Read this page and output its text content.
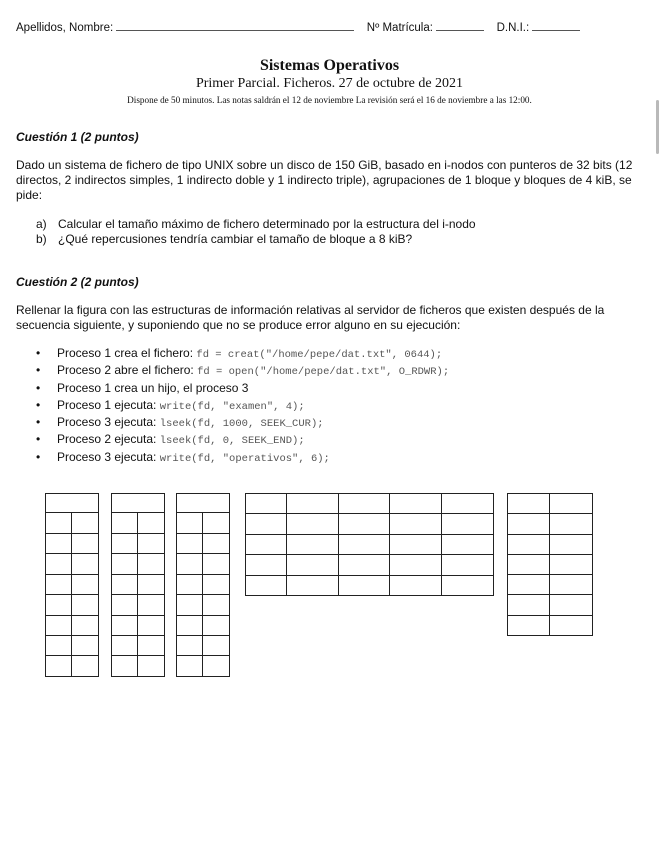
Apellidos, Nombre:	Nº Matrícula:	D.N.I.:
Sistemas Operativos
Primer Parcial. Ficheros. 27 de octubre de 2021
Dispone de 50 minutos. Las notas saldrán el 12 de noviembre La revisión será el 16 de noviembre a las 12:00.
Cuestión 1 (2 puntos)
Dado un sistema de fichero de tipo UNIX sobre un disco de 150 GiB, basado en i-nodos con punteros de 32 bits (12 directos, 2 indirectos simples, 1 indirecto doble y 1 indirecto triple), agrupaciones de 1 bloque y bloques de 4 kiB, se pide:
a) Calcular el tamaño máximo de fichero determinado por la estructura del i-nodo
b) ¿Qué repercusiones tendría cambiar el tamaño de bloque a 8 kiB?
Cuestión 2 (2 puntos)
Rellenar la figura con las estructuras de información relativas al servidor de ficheros que existen después de la secuencia siguiente, y suponiendo que no se produce error alguno en su ejecución:
• Proceso 1 crea el fichero: fd = creat("/home/pepe/dat.txt", 0644);
• Proceso 2 abre el fichero: fd = open("/home/pepe/dat.txt", O_RDWR);
• Proceso 1 crea un hijo, el proceso 3
• Proceso 1 ejecuta: write(fd, "examen", 4);
• Proceso 3 ejecuta: lseek(fd, 1000, SEEK_CUR);
• Proceso 2 ejecuta: lseek(fd, 0, SEEK_END);
• Proceso 3 ejecuta: write(fd, "operativos", 6);
